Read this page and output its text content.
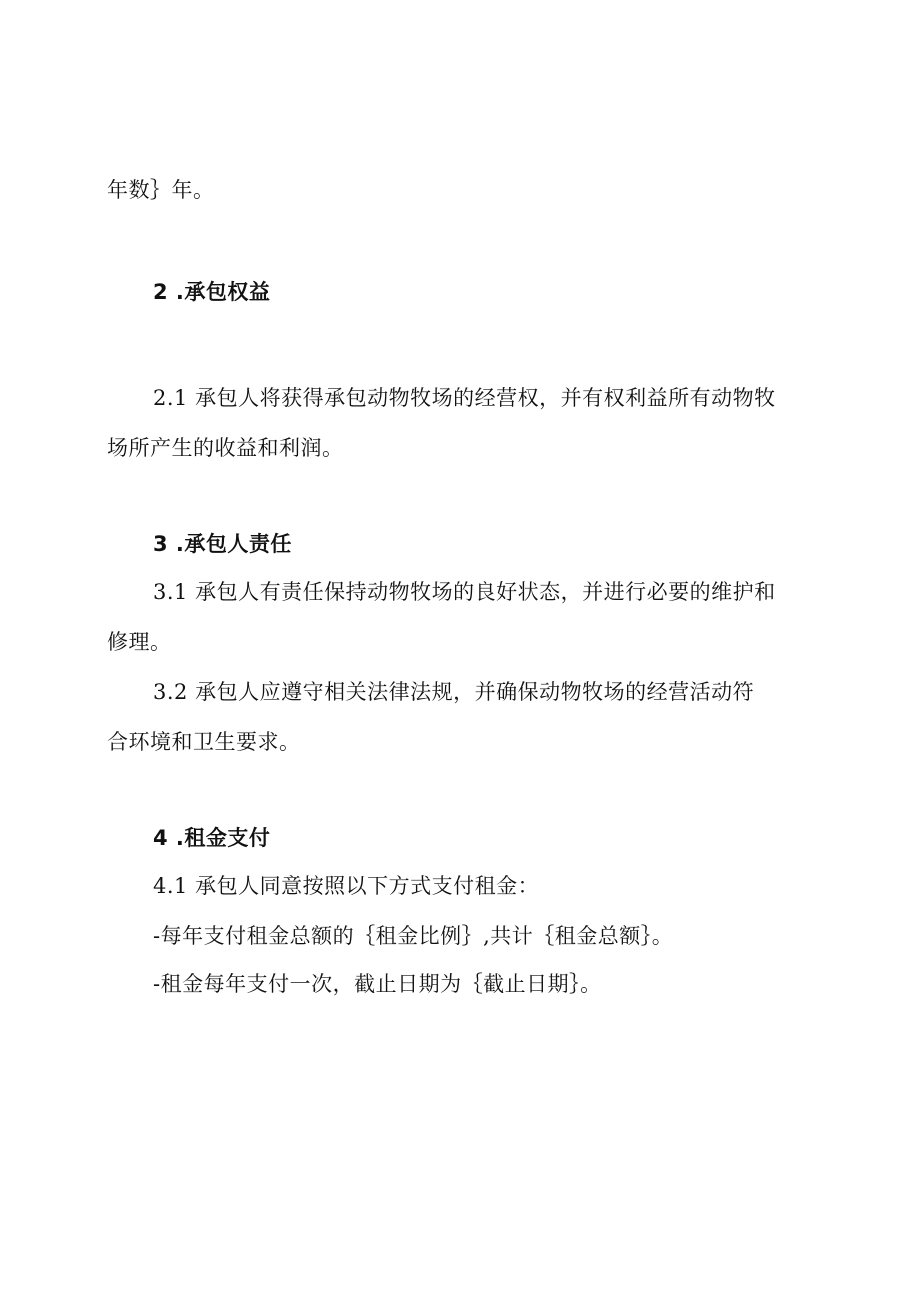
年数｝年。
2 .承包权益
2.1 承包人将获得承包动物牧场的经营权，并有权利益所有动物牧
场所产生的收益和利润。
3 .承包人责任
3.1 承包人有责任保持动物牧场的良好状态，并进行必要的维护和
修理。
3.2 承包人应遵守相关法律法规，并确保动物牧场的经营活动符
合环境和卫生要求。
4 .租金支付
4.1 承包人同意按照以下方式支付租金：
-每年支付租金总额的｛租金比例｝,共计｛租金总额｝。
-租金每年支付一次，截止日期为｛截止日期｝。
